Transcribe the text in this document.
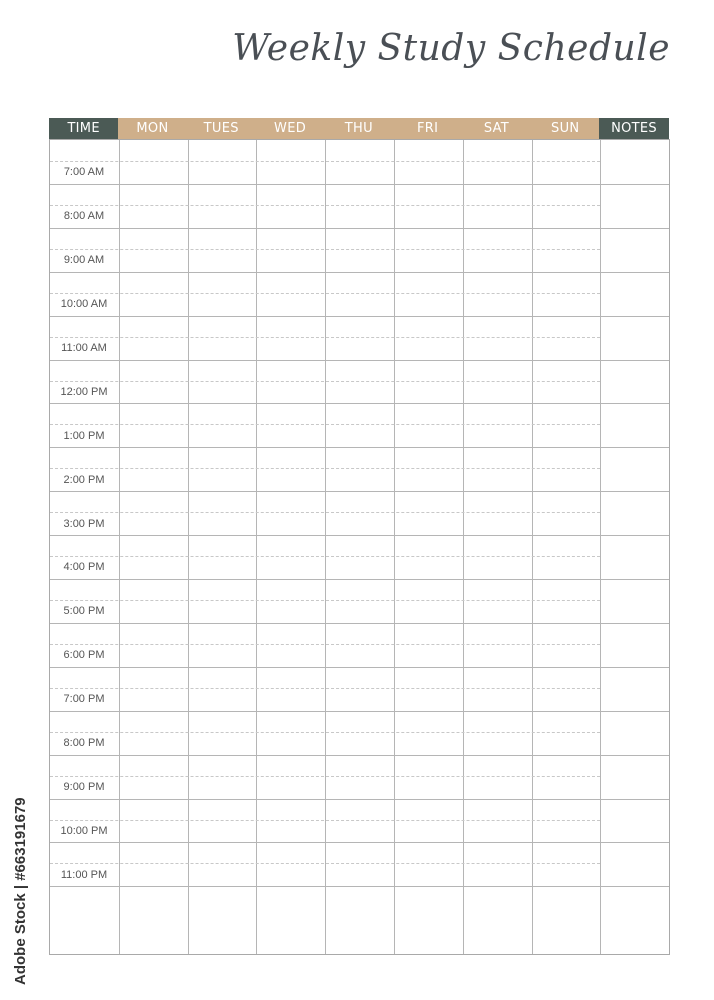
Weekly Study Schedule
TIME	MON	TUES	WED	THU	FRI	SAT	SUN	NOTES
7:00 AM
8:00 AM
9:00 AM
10:00 AM
11:00 AM
12:00 PM
1:00 PM
2:00 PM
3:00 PM
4:00 PM
5:00 PM
6:00 PM
7:00 PM
8:00 PM
9:00 PM
10:00 PM
11:00 PM
Adobe Stock | #663191679
